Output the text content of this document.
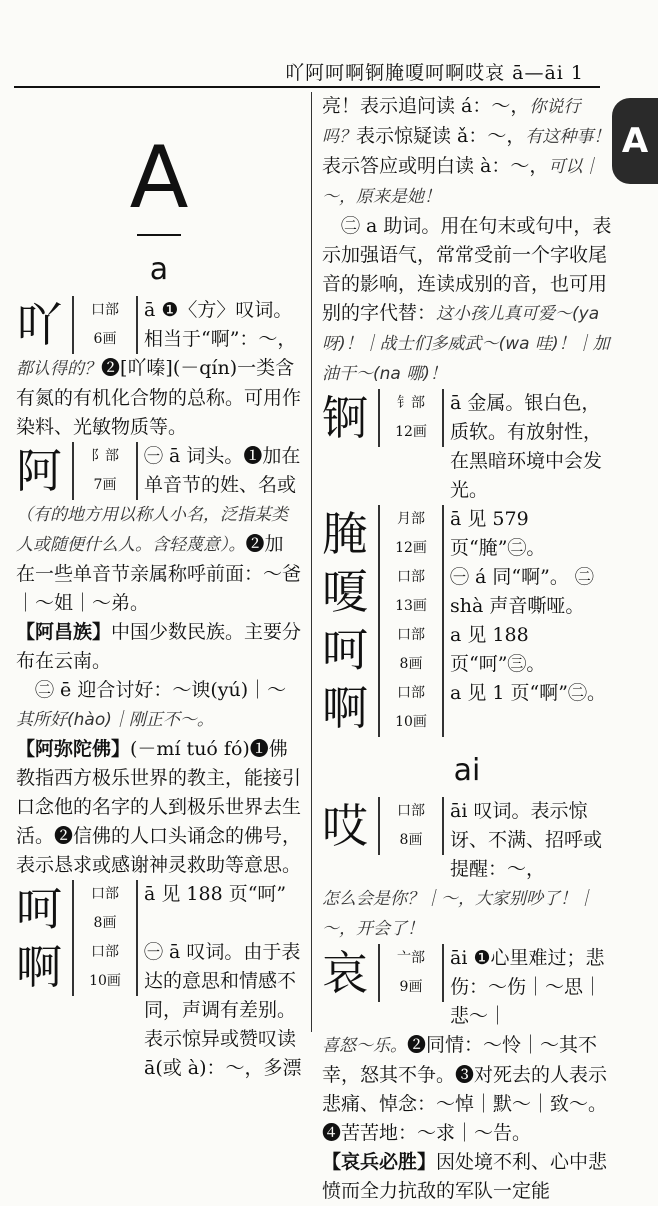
吖阿呵啊锕腌嗄呵啊哎哀 ā—āi 1
A
A
a
吖	口部
6画
ā ❶〈方〉叹词。相当于“啊”：～，

都认得的？❷[吖嗪](－qín)一类含有氮的有机化合物的总称。可用作染料、光敏物质等。

阿	阝部
7画
㊀ ā 词头。❶加在单音节的姓、名或

（有的地方用以称人小名，泛指某类人或随便什么人。含轻蔑意）。❷加在一些单音节亲属称呼前面：～爸｜～姐｜～弟。

【阿昌族】中国少数民族。主要分布在云南。

㊁ ē 迎合讨好：～谀(yú)｜～其所好(hào)｜刚正不～。

【阿弥陀佛】(－mí tuó fó)❶佛教指西方极乐世界的教主，能接引口念他的名字的人到极乐世界去生活。❷信佛的人口头诵念的佛号，表示恳求或感谢神灵救助等意思。

呵	口部
8画
ā 见 188 页“呵”
啊	口部
10画
㊀ ā 叹词。由于表达的意思和情感不同，声调有差别。表示惊异或赞叹读 ā(或 à)：～，多漂

亮！表示追问读 á：～，你说行吗？表示惊疑读 ǎ：～，有这种事！表示答应或明白读 à：～，可以｜～，原来是她！

㊁ a 助词。用在句末或句中，表示加强语气，常常受前一个字收尾音的影响，连读成别的音，也可用别的字代替：这小孩儿真可爱～(ya 呀)！｜战士们多威武～(wa 哇)！｜加油干～(na 哪)！

锕	钅部
12画
ā 金属。银白色，质软。有放射性，在黑暗环境中会发光。
腌	月部
12画
ā 见 579 页“腌”㊁。
嗄	口部
13画
㊀ á 同“啊”。 ㊁ shà 声音嘶哑。
呵	口部
8画
a 见 188 页“呵”㊂。
啊	口部
10画
a 见 1 页“啊”㊁。
ai
哎	口部
8画
āi 叹词。表示惊讶、不满、招呼或提醒：～，

怎么会是你？｜～，大家别吵了！｜～，开会了！

哀	亠部
9画
āi ❶心里难过；悲伤：～伤｜～思｜悲～｜

喜怒～乐。❷同情：～怜｜～其不幸，怒其不争。❸对死去的人表示悲痛、悼念：～悼｜默～｜致～。❹苦苦地：～求｜～告。

【哀兵必胜】因处境不利、心中悲愤而全力抗敌的军队一定能
